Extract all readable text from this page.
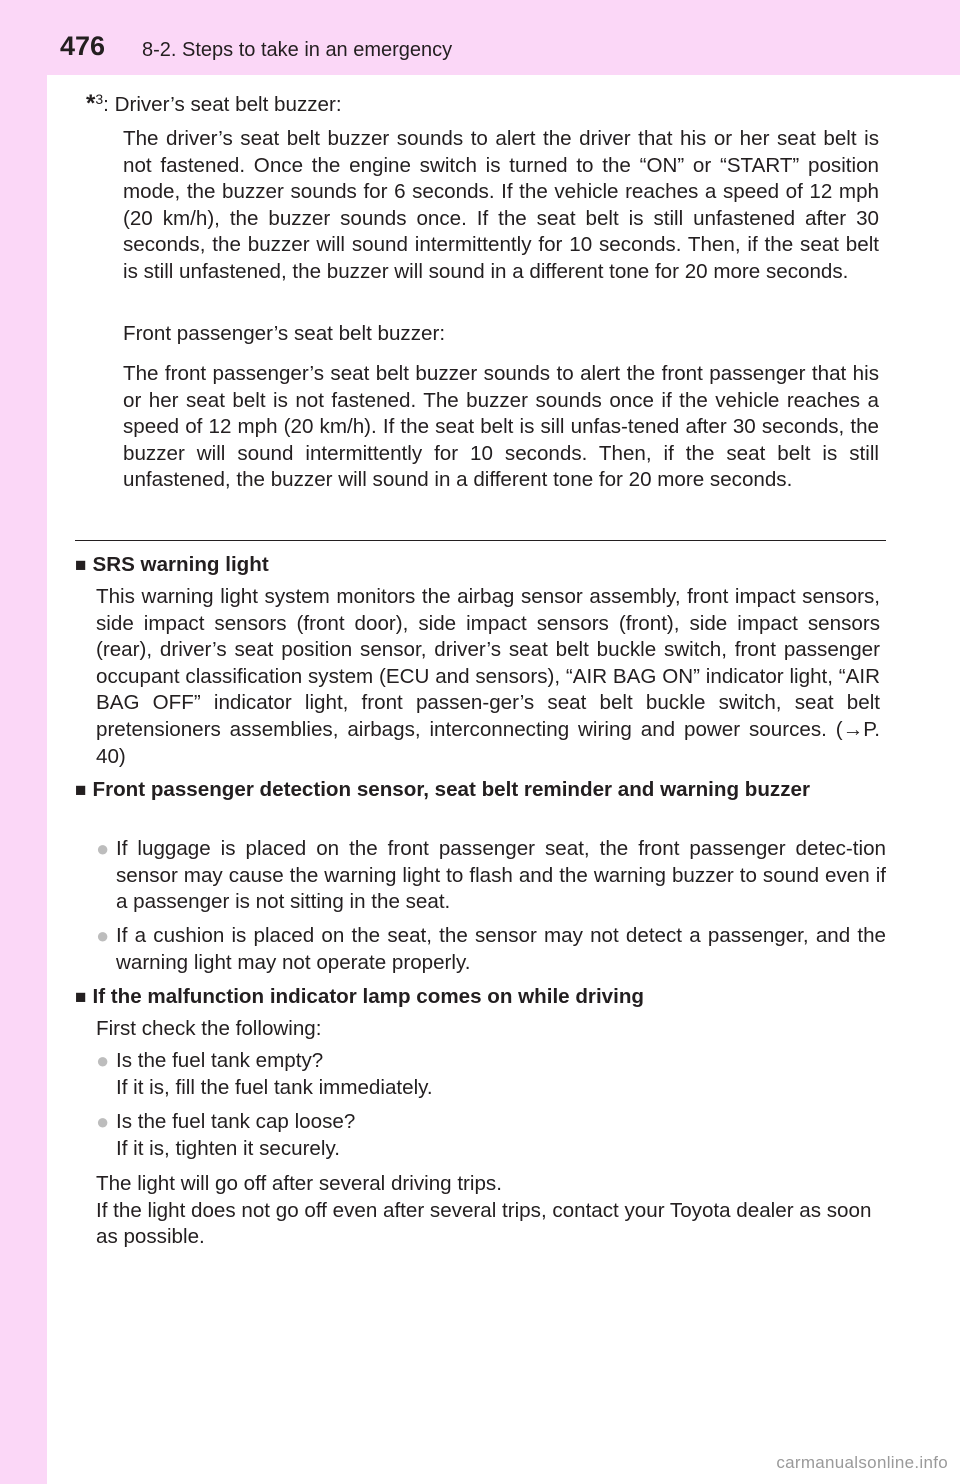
476 8-2. Steps to take in an emergency
*$^3$: Driver’s seat belt buzzer:
The driver’s seat belt buzzer sounds to alert the driver that his or her seat belt is not fastened. Once the engine switch is turned to the “ON” or “START” position mode, the buzzer sounds for 6 seconds. If the vehicle reaches a speed of 12 mph (20 km/h), the buzzer sounds once. If the seat belt is still unfastened after 30 seconds, the buzzer will sound intermittently for 10 seconds. Then, if the seat belt is still unfastened, the buzzer will sound in a different tone for 20 more seconds.
Front passenger’s seat belt buzzer:
The front passenger’s seat belt buzzer sounds to alert the front passenger that his or her seat belt is not fastened. The buzzer sounds once if the vehicle reaches a speed of 12 mph (20 km/h). If the seat belt is sill unfas-tened after 30 seconds, the buzzer will sound intermittently for 10 seconds. Then, if the seat belt is still unfastened, the buzzer will sound in a different tone for 20 more seconds.
■ SRS warning light
This warning light system monitors the airbag sensor assembly, front impact sensors, side impact sensors (front door), side impact sensors (front), side impact sensors (rear), driver’s seat position sensor, driver’s seat belt buckle switch, front passenger occupant classification system (ECU and sensors), “AIR BAG ON” indicator light, “AIR BAG OFF” indicator light, front passen-ger’s seat belt buckle switch, seat belt pretensioners assemblies, airbags, interconnecting wiring and power sources. (→P. 40)
■ Front passenger detection sensor, seat belt reminder and warning buzzer
● If luggage is placed on the front passenger seat, the front passenger detec-tion sensor may cause the warning light to flash and the warning buzzer to sound even if a passenger is not sitting in the seat.
● If a cushion is placed on the seat, the sensor may not detect a passenger, and the warning light may not operate properly.
■ If the malfunction indicator lamp comes on while driving
First check the following:
● Is the fuel tank empty?
If it is, fill the fuel tank immediately.
● Is the fuel tank cap loose?
If it is, tighten it securely.
The light will go off after several driving trips.
If the light does not go off even after several trips, contact your Toyota dealer as soon as possible.
carmanualsonline.info
